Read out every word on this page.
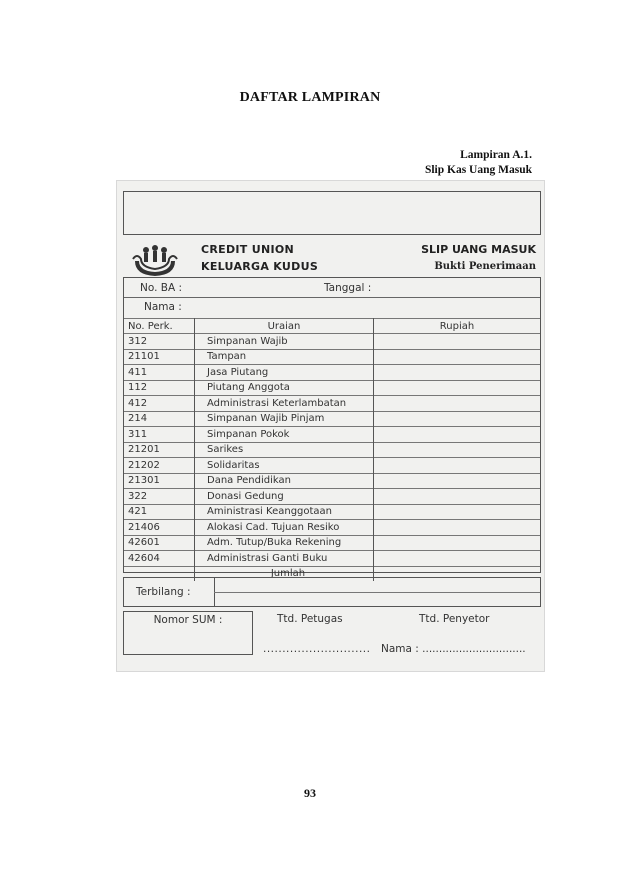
DAFTAR LAMPIRAN
Lampiran A.1.
Slip Kas Uang Masuk
CREDIT UNION
KELUARGA KUDUS
SLIP UANG MASUK
Bukti Penerimaan
No. BA :	Tanggal :
Nama :
No. Perk.	Uraian	Rupiah
312	Simpanan Wajib	
21101	Tampan	
411	Jasa Piutang	
112	Piutang Anggota	
412	Administrasi Keterlambatan	
214	Simpanan Wajib Pinjam	
311	Simpanan Pokok	
21201	Sarikes	
21202	Solidaritas	
21301	Dana Pendidikan	
322	Donasi Gedung	
421	Aministrasi Keanggotaan	
21406	Alokasi Cad. Tujuan Resiko	
42601	Adm. Tutup/Buka Rekening	
42604	Administrasi Ganti Buku	
	Jumlah	
Terbilang :
Nomor SUM :	Ttd. Petugas	Ttd. Penyetor
............................ Nama : ...............................
93
